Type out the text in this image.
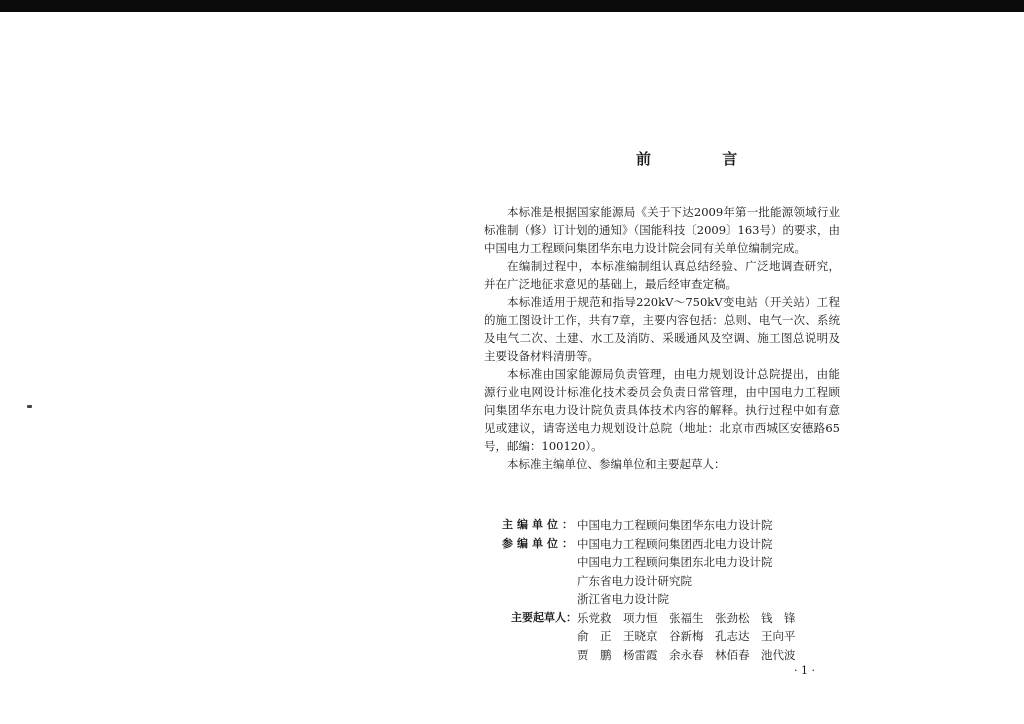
前 言

本标准是根据国家能源局《关于下达2009年第一批能源领域行业标准制（修）订计划的通知》（国能科技〔2009〕163号）的要求，由中国电力工程顾问集团华东电力设计院会同有关单位编制完成。

在编制过程中，本标准编制组认真总结经验、广泛地调查研究，并在广泛地征求意见的基础上，最后经审查定稿。

本标准适用于规范和指导220kV～750kV变电站（开关站）工程的施工图设计工作，共有7章，主要内容包括：总则、电气一次、系统及电气二次、土建、水工及消防、采暖通风及空调、施工图总说明及主要设备材料清册等。

本标准由国家能源局负责管理，由电力规划设计总院提出，由能源行业电网设计标准化技术委员会负责日常管理，由中国电力工程顾问集团华东电力设计院负责具体技术内容的解释。执行过程中如有意见或建议，请寄送电力规划设计总院（地址：北京市西城区安德路65号，邮编：100120）。

本标准主编单位、参编单位和主要起草人：

主编单位： 中国电力工程顾问集团华东电力设计院
参编单位： 中国电力工程顾问集团西北电力设计院
中国电力工程顾问集团东北电力设计院
广东省电力设计研究院
浙江省电力设计院
主要起草人： 乐党救	项力恒	张福生	张劲松	钱　锋
俞　正	王晓京	谷新梅	孔志达	王向平
贾　鹏	杨雷霞	余永春	林佰春	池代波
· 1 ·
